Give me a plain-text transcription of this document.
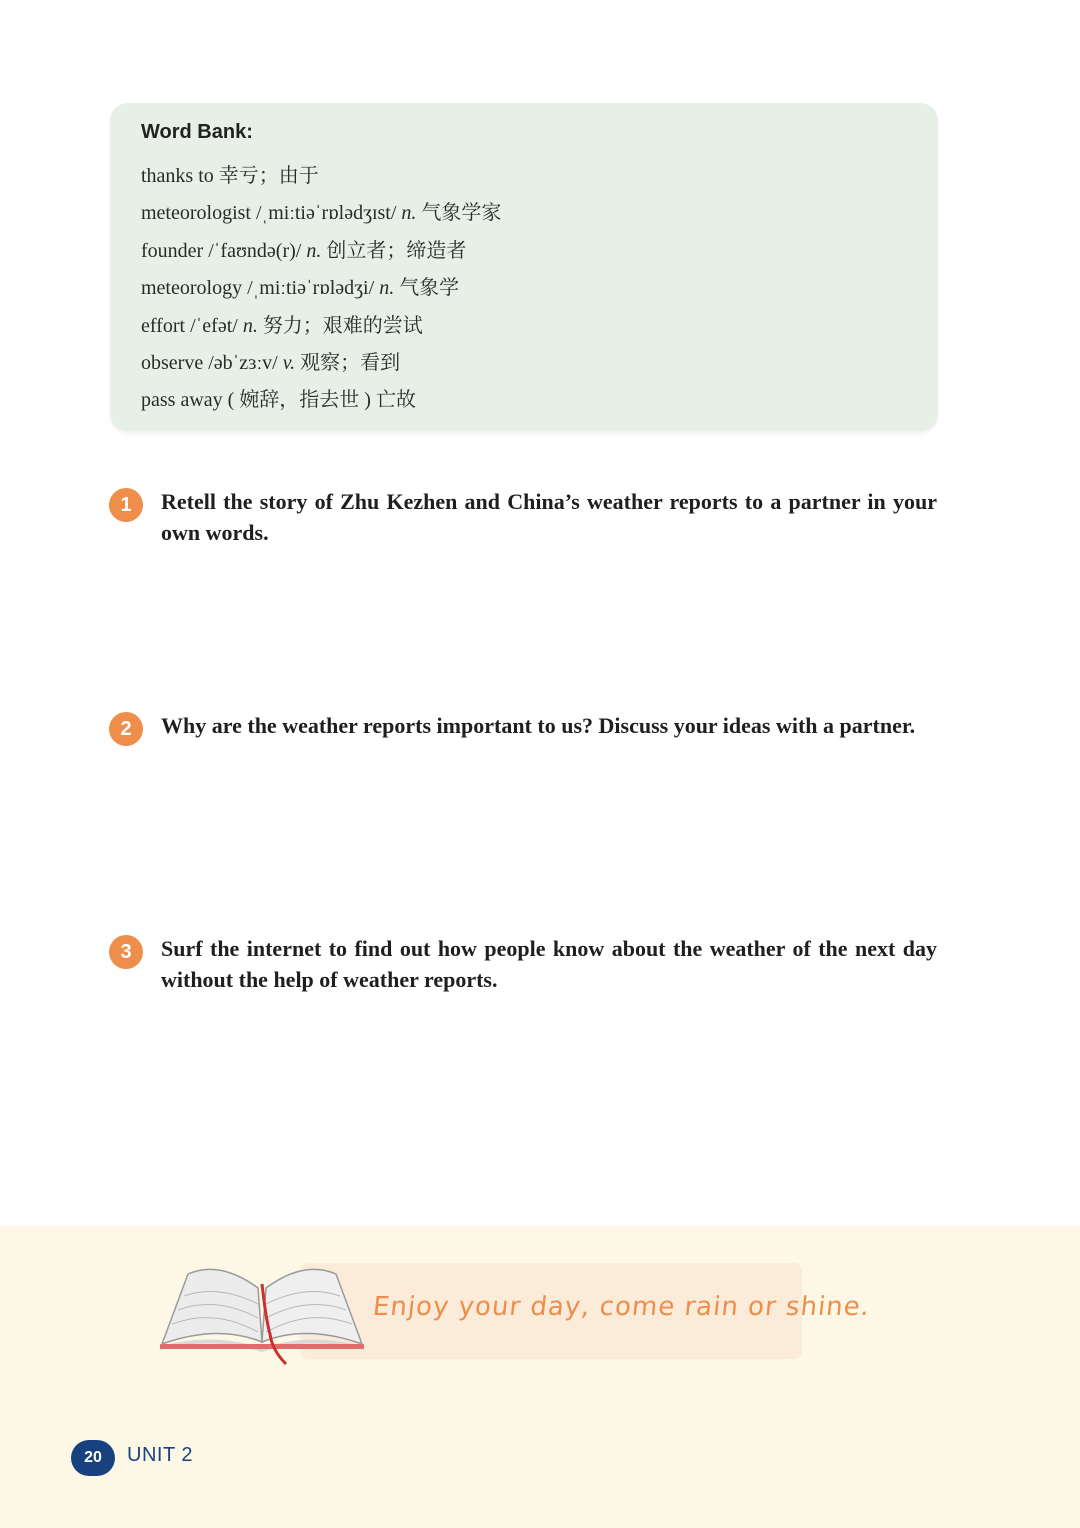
Word Bank:
thanks to 幸亏；由于
meteorologist /ˌmiːtiəˈrɒlədʒɪst/ n. 气象学家
founder /ˈfaʊndə(r)/ n. 创立者；缔造者
meteorology /ˌmiːtiəˈrɒlədʒi/ n. 气象学
effort /ˈefət/ n. 努力；艰难的尝试
observe /əbˈzɜːv/ v. 观察；看到
pass away ( 婉辞，指去世 ) 亡故
1	Retell the story of Zhu Kezhen and China’s weather reports to a partner in your own words.

2	Why are the weather reports important to us? Discuss your ideas with a partner.

3	Surf the internet to find out how people know about the weather of the next day without the help of weather reports.

Enjoy your day, come rain or shine.
20	UNIT 2
